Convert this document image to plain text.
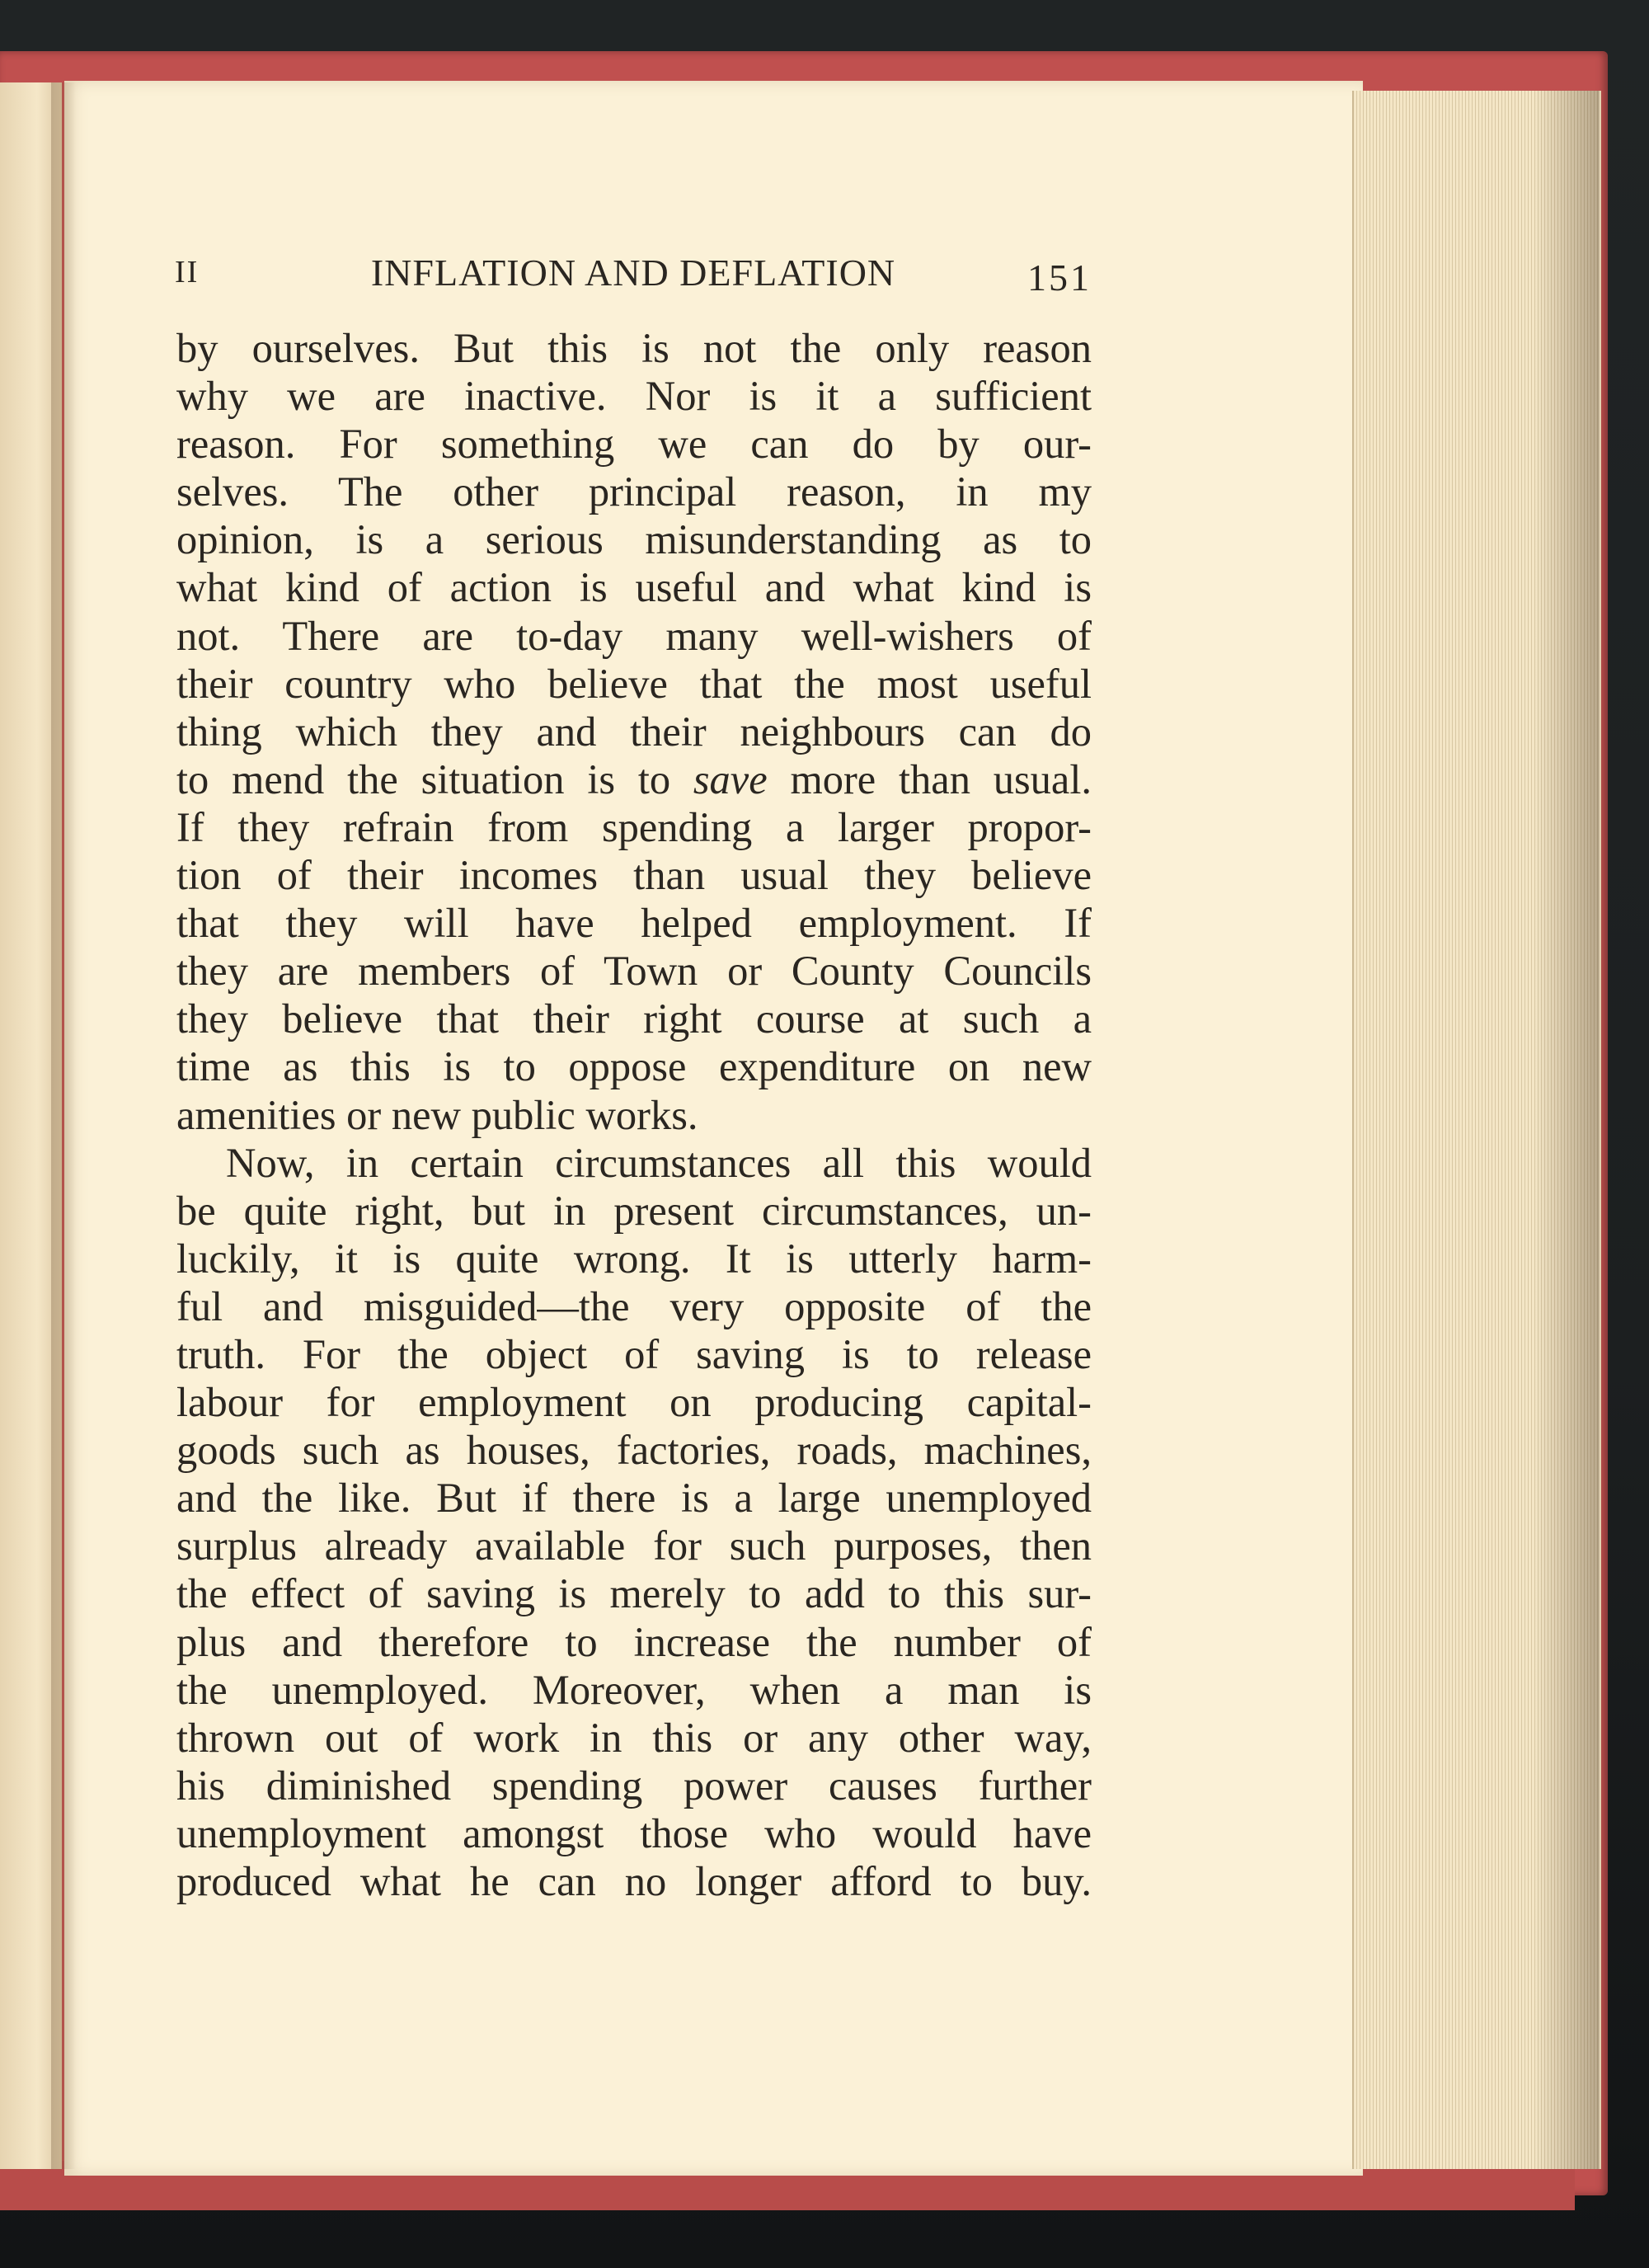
II	INFLATION AND DEFLATION	151
by ourselves. But this is not the only reason
why we are inactive. Nor is it a sufficient
reason. For something we can do by our-
selves. The other principal reason, in my
opinion, is a serious misunderstanding as to
what kind of action is useful and what kind is
not. There are to-day many well-wishers of
their country who believe that the most useful
thing which they and their neighbours can do
to mend the situation is to save more than usual.
If they refrain from spending a larger propor-
tion of their incomes than usual they believe
that they will have helped employment. If
they are members of Town or County Councils
they believe that their right course at such a
time as this is to oppose expenditure on new
amenities or new public works.
Now, in certain circumstances all this would
be quite right, but in present circumstances, un-
luckily, it is quite wrong. It is utterly harm-
ful and misguided—the very opposite of the
truth. For the object of saving is to release
labour for employment on producing capital-
goods such as houses, factories, roads, machines,
and the like. But if there is a large unemployed
surplus already available for such purposes, then
the effect of saving is merely to add to this sur-
plus and therefore to increase the number of
the unemployed. Moreover, when a man is
thrown out of work in this or any other way,
his diminished spending power causes further
unemployment amongst those who would have
produced what he can no longer afford to buy.
